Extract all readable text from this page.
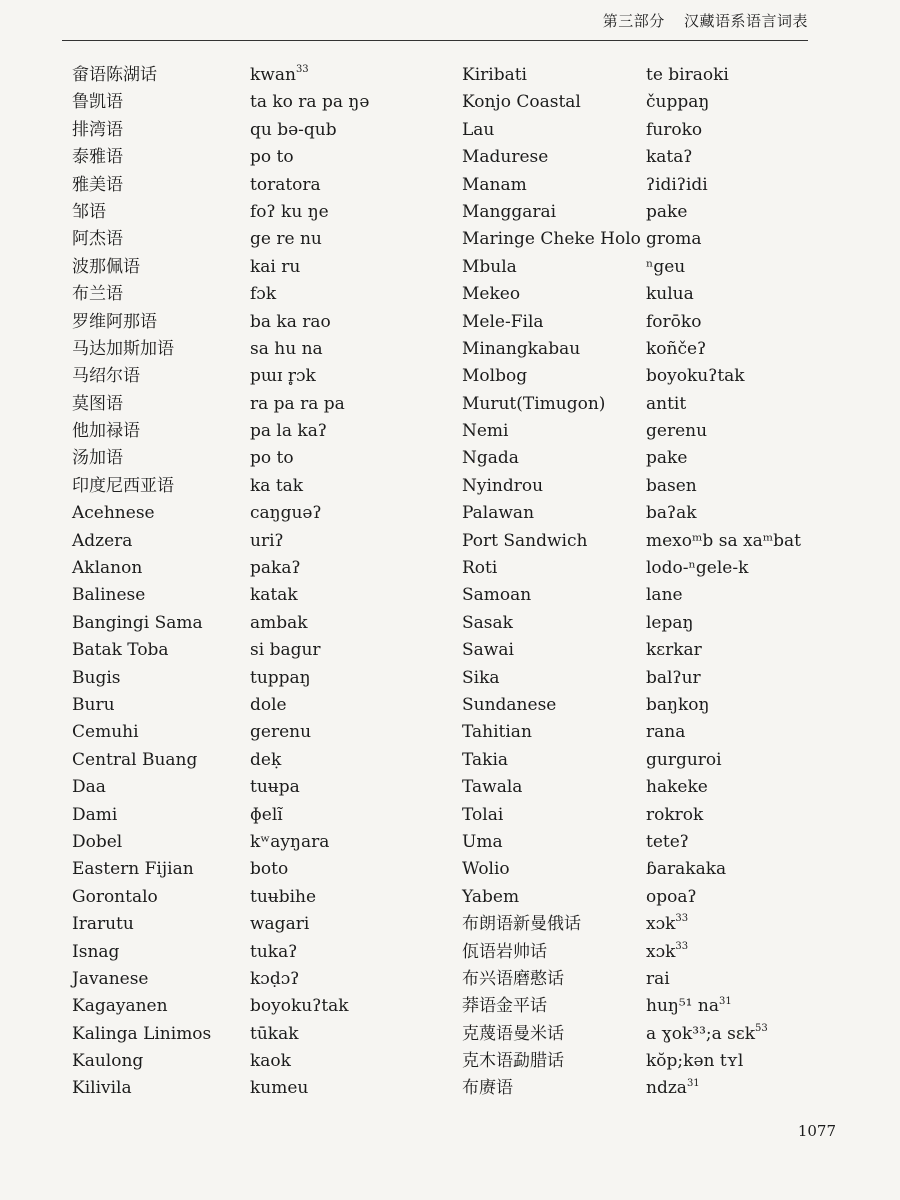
第三部分 汉藏语系语言词表
畲语陈湖话	kwan$^{33}$
鲁凯语	ta ko ra pa ŋə
排湾语	qu bə-qub
泰雅语	po to
雅美语	toratora
邹语	foʔ ku ŋe
阿杰语	ge re nu
波那佩语	kai ru
布兰语	fɔk
罗维阿那语	ba ka rao
马达加斯加语	sa hu na
马绍尔语	pɯɪ r̥ɔk
莫图语	ra pa ra pa
他加禄语	pa la kaʔ
汤加语	po to
印度尼西亚语	ka tak
Acehnese	caŋguəʔ
Adzera	uriʔ
Aklanon	pakaʔ
Balinese	katak
Bangingi Sama	ambak
Batak Toba	si bagur
Bugis	tuppaŋ
Buru	dole
Cemuhi	gerenu
Central Buang	deḳ
Daa	tuʉpa
Dami	ɸelĩ
Dobel	kʷayŋara
Eastern Fijian	boto
Gorontalo	tuʉbihe
Irarutu	wagari
Isnag	tukaʔ
Javanese	kɔḍɔʔ
Kagayanen	boyokuʔtak
Kalinga Linimos tūkak
Kaulong	kaok
Kilivila	kumeu
Kiribati	te biraoki
Konjo Coastal	čuppaŋ
Lau	furoko
Madurese	kataʔ
Manam	ʔidiʔidi
Manggarai	pake
Maringe Cheke Holo groma
Mbula	ⁿgeu
Mekeo	kulua
Mele-Fila	forōko
Minangkabau	koñčeʔ
Molbog	boyokuʔtak
Murut(Timugon) antit
Nemi	gerenu
Ngada	pake
Nyindrou	basen
Palawan	baʔak
Port Sandwich	mexoᵐb sa xaᵐbat
Roti	lodo-ⁿgele-k
Samoan	lane
Sasak	lepaŋ
Sawai	kɛrkar
Sika	balʔur
Sundanese	baŋkoŋ
Tahitian	rana
Takia	gurguroi
Tawala	hakeke
Tolai	rokrok
Uma	teteʔ
Wolio	ɓarakaka
Yabem	opoaʔ
布朗语新曼俄话	xɔk$^{33}$
佤语岩帅话	xɔk$^{33}$
布兴语磨憨话	rai
莽语金平话	huŋ⁵¹ $na^{31}$
克蔑语曼米话	a ɣok³³;a sɛk$^{53}$
克木语勐腊话	kŏp;kən tʏl
布赓语	ndza$^{31}$
1077
